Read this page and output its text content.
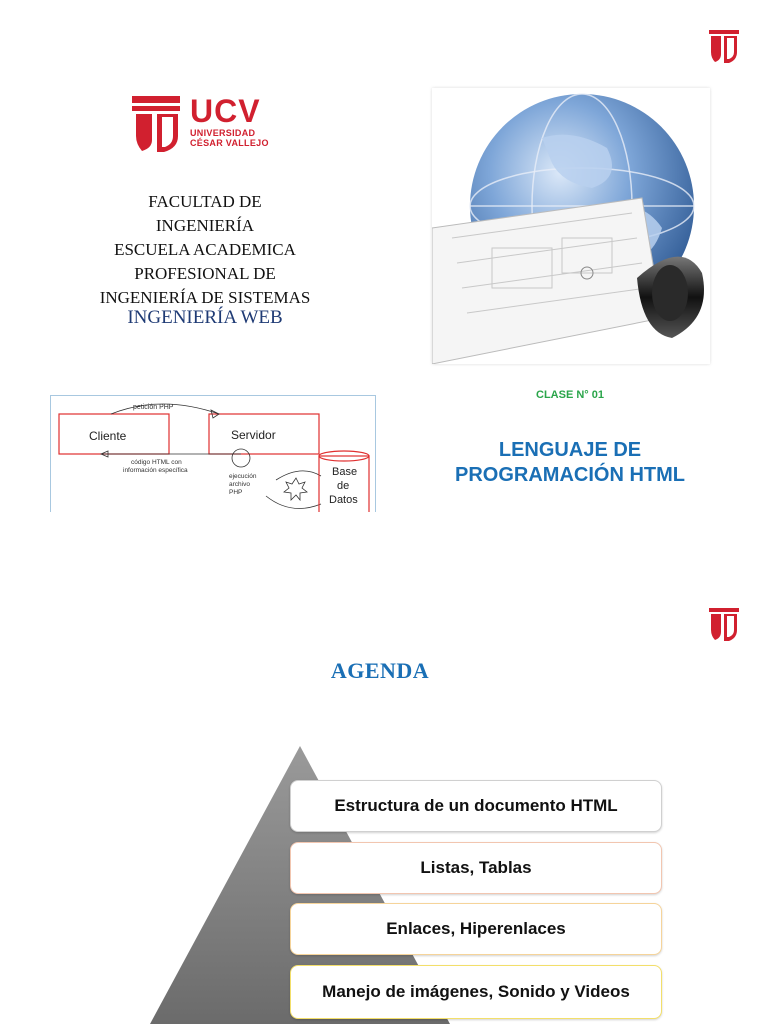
UCV
UNIVERSIDAD
CÉSAR VALLEJO
FACULTAD DE
INGENIERÍA
ESCUELA ACADEMICA
PROFESIONAL DE
INGENIERÍA DE SISTEMAS
INGENIERÍA WEB
Cliente	Servidor
petición PHP
código HTML con
información específica
ejecución
archivo
PHP
Base
de
Datos
CLASE N° 01
LENGUAJE DE
PROGRAMACIÓN HTML
AGENDA
Estructura de un documento HTML
Listas, Tablas
Enlaces, Hiperenlaces
Manejo de imágenes, Sonido y Videos
